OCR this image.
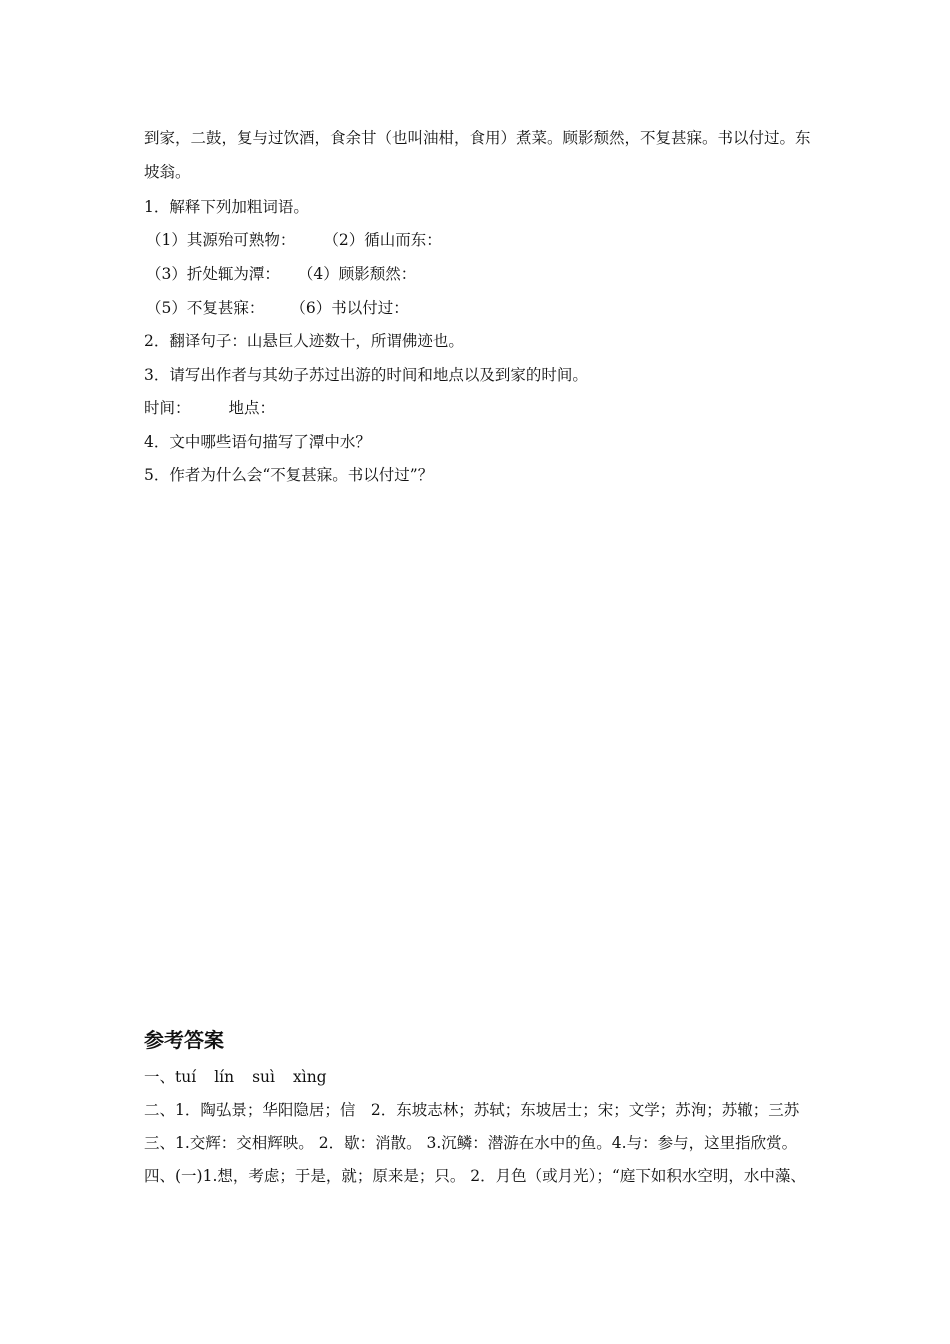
到家，二鼓，复与过饮酒，食余甘（也叫油柑，食用）煮菜。顾影颓然，不复甚寐。书以付过。东
坡翁。
1．解释下列加粗词语。
（1）其源殆可熟物： （2）循山而东：
（3）折处辄为潭： （4）顾影颓然：
（5）不复甚寐： （6）书以付过：
2．翻译句子：山悬巨人迹数十，所谓佛迹也。
3．请写出作者与其幼子苏过出游的时间和地点以及到家的时间。
时间： 地点：
4．文中哪些语句描写了潭中水？
5．作者为什么会“不复甚寐。书以付过”？
参考答案
一、tuí lín suì xìng
二、1．陶弘景；华阳隐居；信　2．东坡志林；苏轼；东坡居士；宋；文学；苏洵；苏辙；三苏
三、1.交辉：交相辉映。 2．歇：消散。 3.沉鳞：潜游在水中的鱼。4.与：参与，这里指欣赏。
四、(一)1.想，考虑；于是，就；原来是；只。 2．月色（或月光）；“庭下如积水空明，水中藻、
